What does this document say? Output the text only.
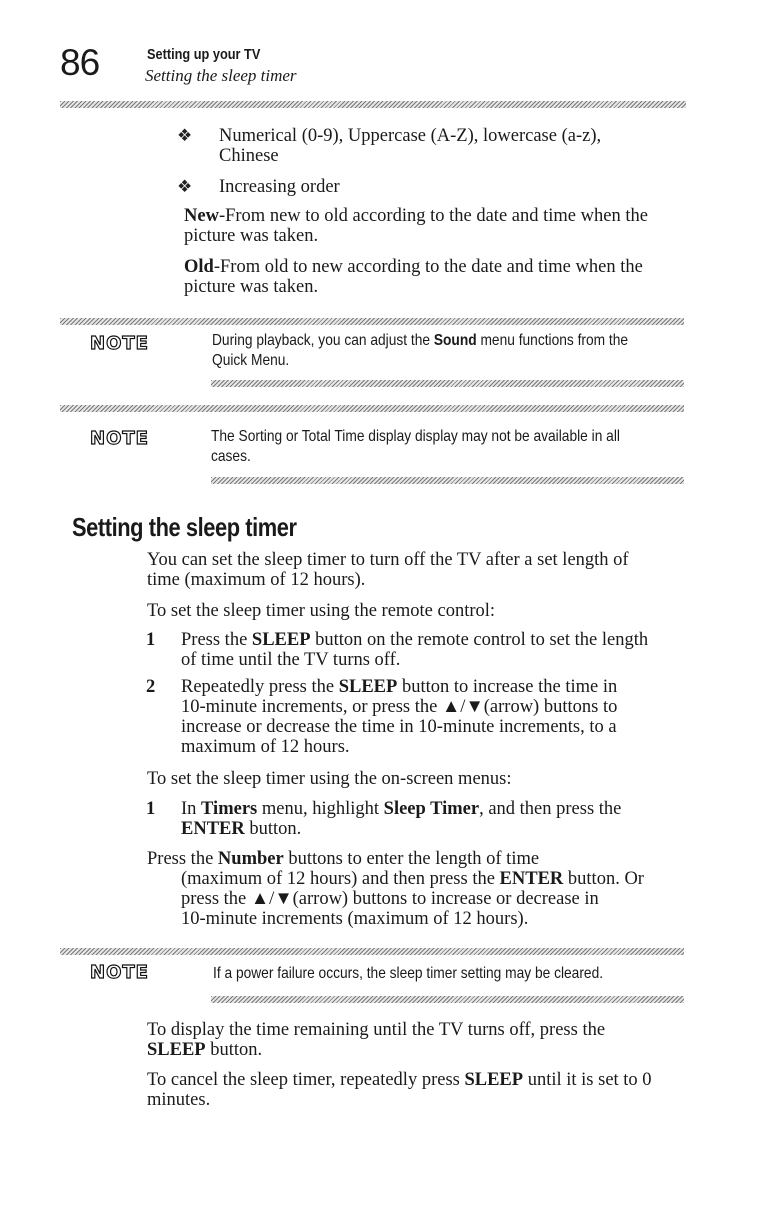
86	Setting up your TV
Setting the sleep timer
❖ Numerical (0-9), Uppercase (A-Z), lowercase (a-z),
Chinese
❖ Increasing order
New-From new to old according to the date and time when the
picture was taken.
Old-From old to new according to the date and time when the
picture was taken.
NOTE	During playback, you can adjust the Sound menu functions from the
Quick Menu.
NOTE	The Sorting or Total Time display display may not be available in all
cases.
Setting the sleep timer
You can set the sleep timer to turn off the TV after a set length of
time (maximum of 12 hours).
To set the sleep timer using the remote control:
1 Press the SLEEP button on the remote control to set the length
of time until the TV turns off.
2 Repeatedly press the SLEEP button to increase the time in
10-minute increments, or press the ▲/▼(arrow) buttons to
increase or decrease the time in 10-minute increments, to a
maximum of 12 hours.
To set the sleep timer using the on-screen menus:
1 In Timers menu, highlight Sleep Timer, and then press the
ENTER button.
Press the Number buttons to enter the length of time
(maximum of 12 hours) and then press the ENTER button. Or
press the ▲/▼(arrow) buttons to increase or decrease in
10-minute increments (maximum of 12 hours).
NOTE	If a power failure occurs, the sleep timer setting may be cleared.
To display the time remaining until the TV turns off, press the
SLEEP button.
To cancel the sleep timer, repeatedly press SLEEP until it is set to 0
minutes.
